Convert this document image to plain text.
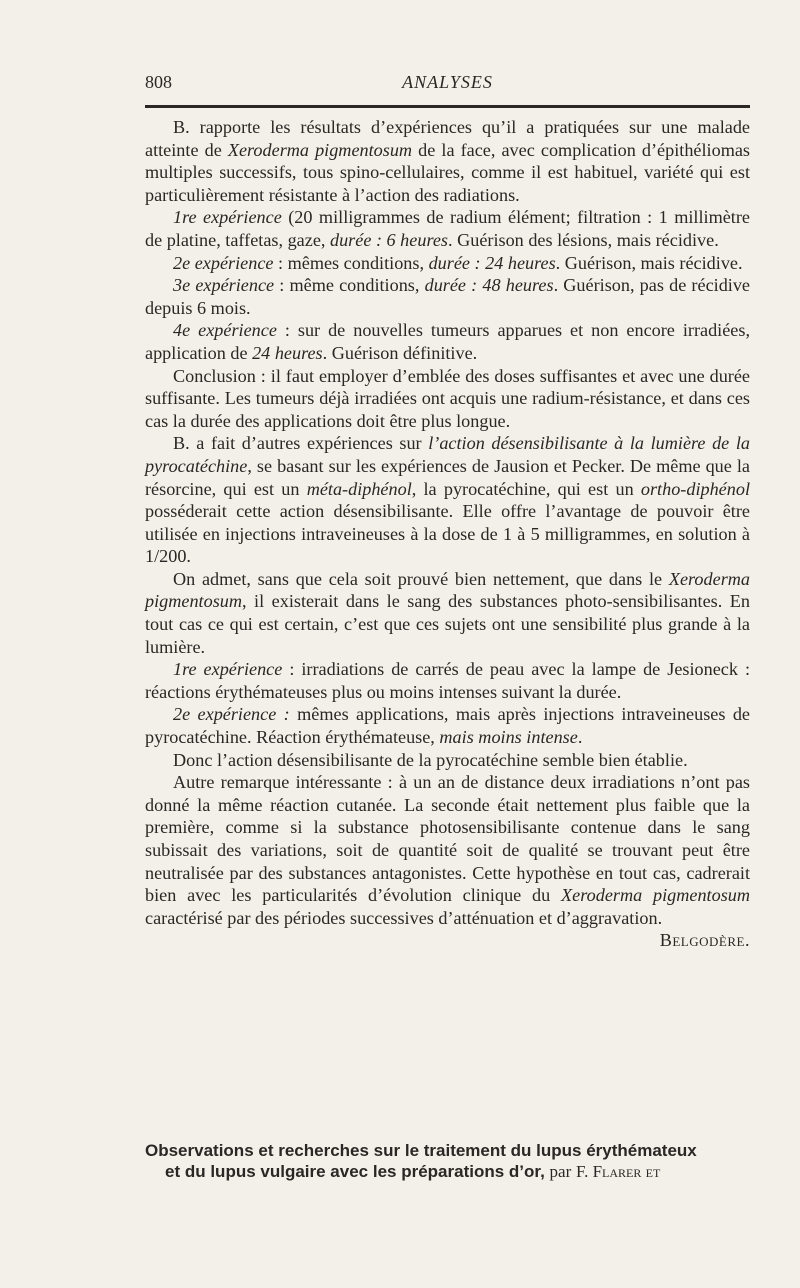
808	ANALYSES

B. rapporte les résultats d’expériences qu’il a pratiquées sur une malade atteinte de Xeroderma pigmentosum de la face, avec complication d’épithéliomas multiples successifs, tous spino-cellulaires, comme il est habituel, variété qui est particulièrement résistante à l’action des radiations.

1re expérience (20 milligrammes de radium élément; filtration : 1 millimètre de platine, taffetas, gaze, durée : 6 heures. Guérison des lésions, mais récidive.

2e expérience : mêmes conditions, durée : 24 heures. Guérison, mais récidive.

3e expérience : même conditions, durée : 48 heures. Guérison, pas de récidive depuis 6 mois.

4e expérience : sur de nouvelles tumeurs apparues et non encore irradiées, application de 24 heures. Guérison définitive.

Conclusion : il faut employer d’emblée des doses suffisantes et avec une durée suffisante. Les tumeurs déjà irradiées ont acquis une radium-résistance, et dans ces cas la durée des applications doit être plus longue.

B. a fait d’autres expériences sur l’action désensibilisante à la lumière de la pyrocatéchine, se basant sur les expériences de Jausion et Pecker. De même que la résorcine, qui est un méta-diphénol, la pyrocatéchine, qui est un ortho-diphénol posséderait cette action désensibilisante. Elle offre l’avantage de pouvoir être utilisée en injections intraveineuses à la dose de 1 à 5 milligrammes, en solution à 1/200.

On admet, sans que cela soit prouvé bien nettement, que dans le Xeroderma pigmentosum, il existerait dans le sang des substances photo-sensibilisantes. En tout cas ce qui est certain, c’est que ces sujets ont une sensibilité plus grande à la lumière.

1re expérience : irradiations de carrés de peau avec la lampe de Jesioneck : réactions érythémateuses plus ou moins intenses suivant la durée.

2e expérience : mêmes applications, mais après injections intraveineuses de pyrocatéchine. Réaction érythémateuse, mais moins intense.

Donc l’action désensibilisante de la pyrocatéchine semble bien établie.

Autre remarque intéressante : à un an de distance deux irradiations n’ont pas donné la même réaction cutanée. La seconde était nettement plus faible que la première, comme si la substance photosensibilisante contenue dans le sang subissait des variations, soit de quantité soit de qualité se trouvant peut être neutralisée par des substances antagonistes. Cette hypothèse en tout cas, cadrerait bien avec les particularités d’évolution clinique du Xeroderma pigmentosum caractérisé par des périodes successives d’atténuation et d’aggravation.
Belgodère.

Observations et recherches sur le traitement du lupus érythémateux
et du lupus vulgaire avec les préparations d’or, par F. Flarer et
